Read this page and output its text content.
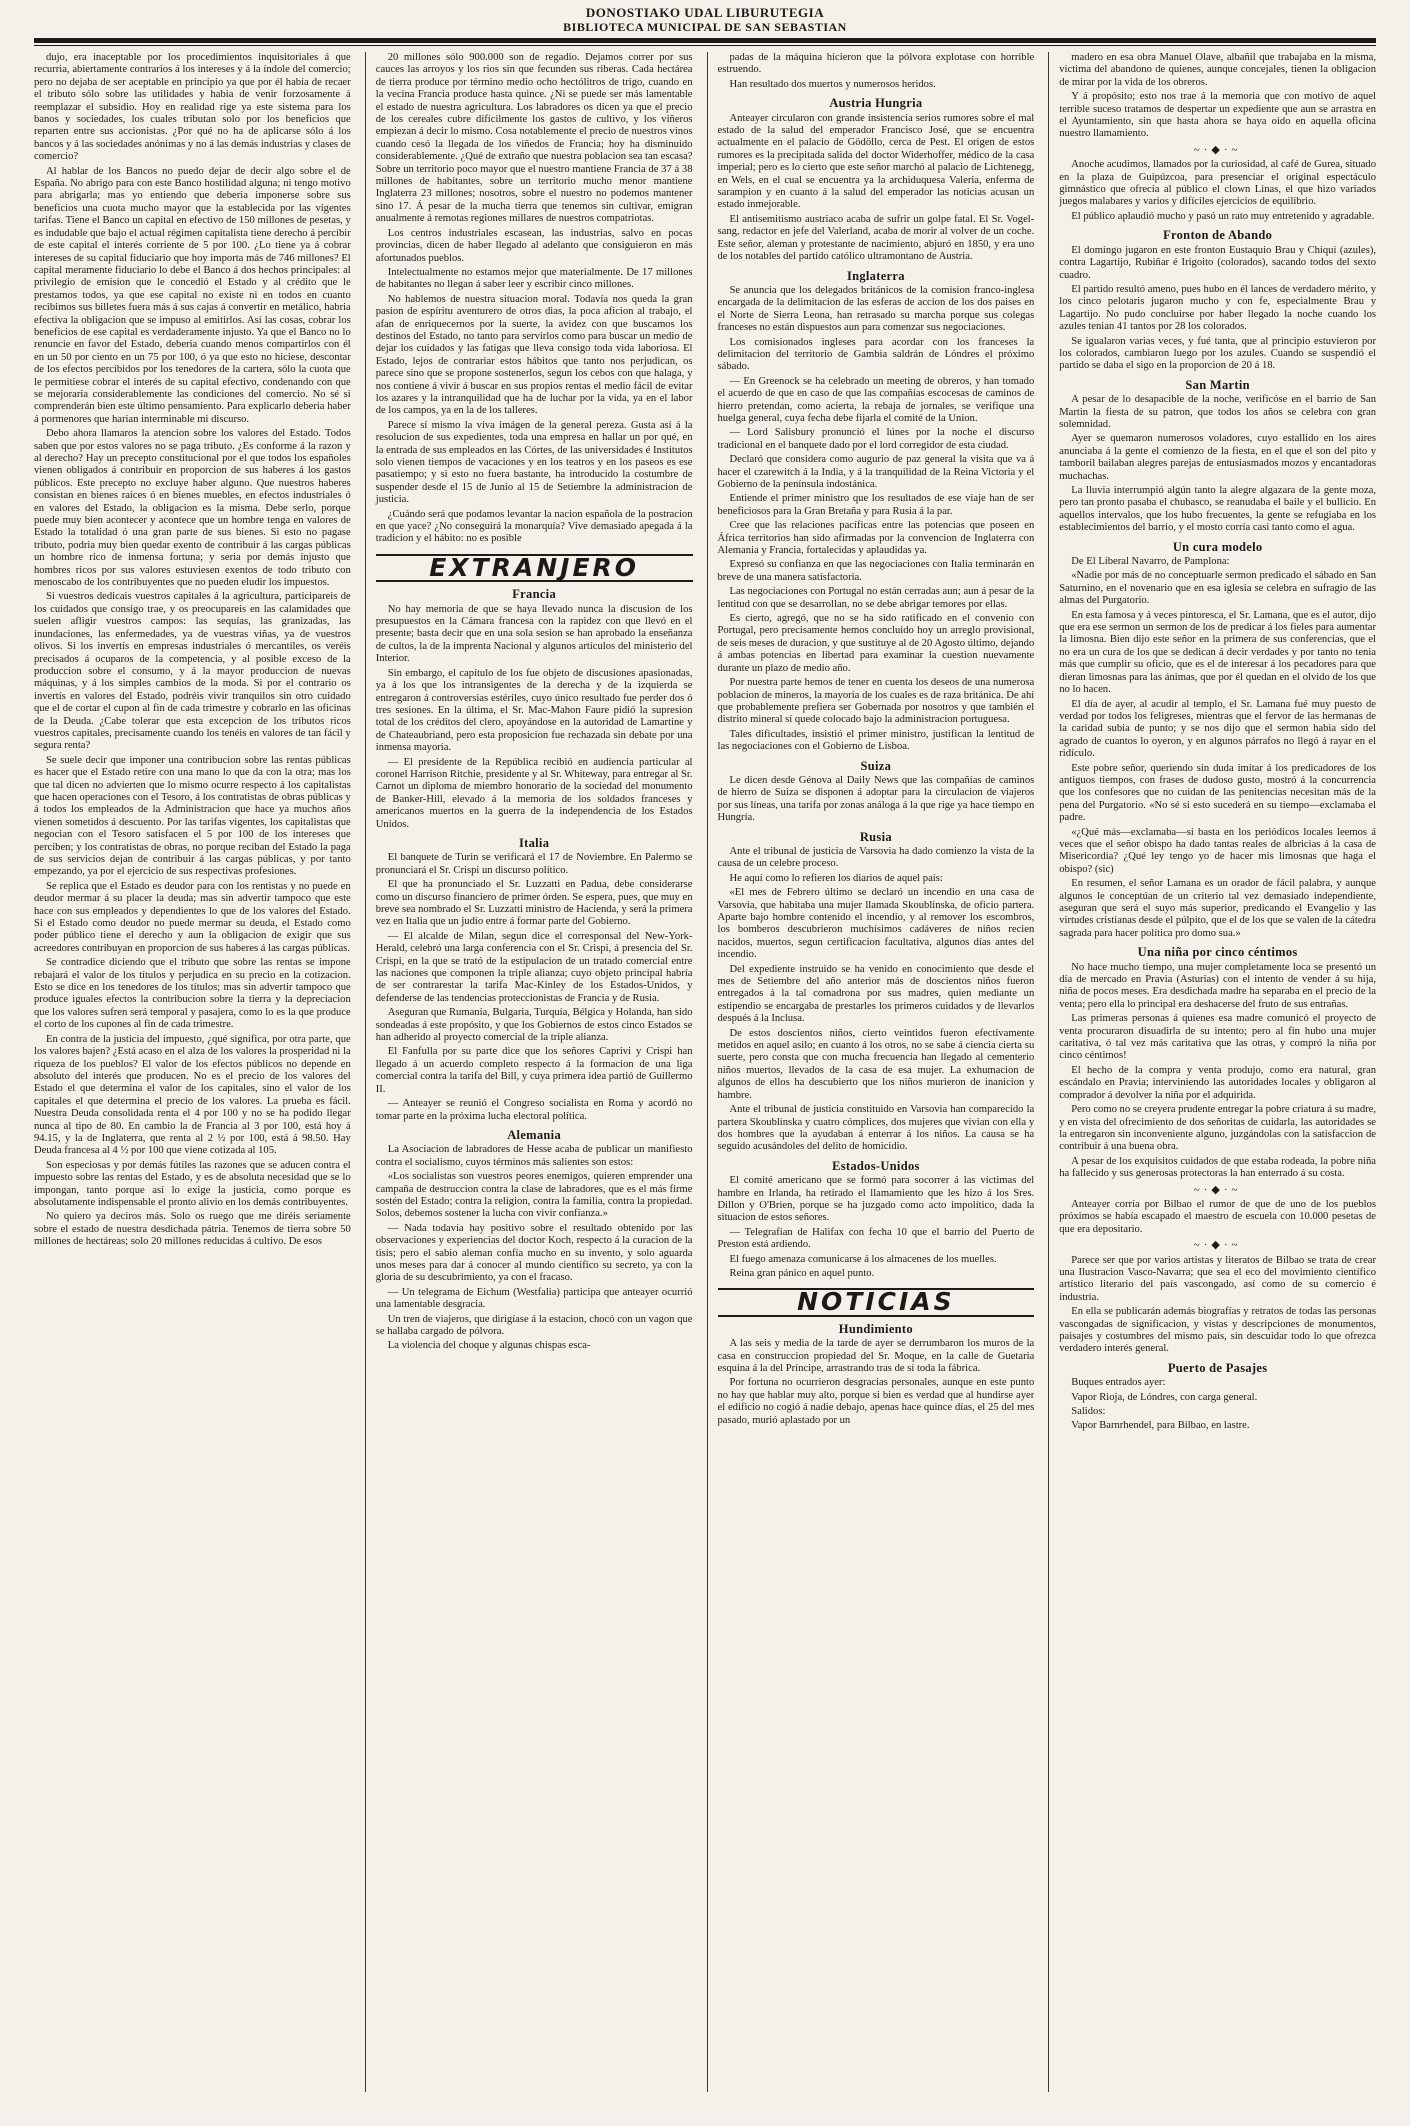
DONOSTIAKO UDAL LIBURUTEGIA
BIBLIOTECA MUNICIPAL DE SAN SEBASTIAN

dujo, era inaceptable por los procedimientos inquisitoriales á que recurria, abiertamente contrarios á los intereses y á la índole del comercio; pero no dejaba de ser aceptable en principio ya que por él habia de recaer el tributo sólo sobre las utilidades y habia de venir forzosamente á reemplazar el subsidio. Hoy en realidad rige ya este sistema para los banos y sociedades, los cuales tributan solo por los beneficios que reparten entre sus accionistas. ¿Por qué no ha de aplicarse sólo á los bancos y á las sociedades anónimas y no á las demás industrias y clases de comercio?

Al hablar de los Bancos no puedo dejar de decir algo sobre el de España. No abrigo para con este Banco hostilidad alguna; ni tengo motivo para abrigarla; mas yo entiendo que deberia imponerse sobre sus beneficios una cuota mucho mayor que la establecida por las vigentes tarifas. Tiene el Banco un capital en efectivo de 150 millones de pesetas, y es indudable que bajo el actual régimen capitalista tiene derecho á percibir de este capital el interés corriente de 5 por 100. ¿Lo tiene ya á cobrar intereses de su capital fiduciario que hoy importa más de 746 millones? El capital meramente fiduciario lo debe el Banco á dos hechos principales: al privilegio de emision que le concedió el Estado y al crédito que le prestamos todos, ya que ese capital no existe ni en todos en cuanto recibimos sus billetes fuera más á sus cajas á convertir en metálico, habria efectiva la obligacion que se impuso al emitirlos. Así las cosas, cobrar los beneficios de ese capital es verdaderamente injusto. Ya que el Banco no lo renuncie en favor del Estado, deberia cuando menos compartirlos con él en un 50 por ciento en un 75 por 100, ó ya que esto no hiciese, descontar de los efectos percibidos por los tenedores de la cartera, sólo la cuota que le permitiese cobrar el interés de su capital efectivo, condenando con que se mejoraria considerablemente las condiciones del comercio. No sé si comprenderán bien este último pensamiento. Para explicarlo deberia haber á pormenores que harian interminable mi discurso.

Debo ahora llamaros la atencion sobre los valores del Estado. Todos saben que por estos valores no se paga tributo. ¿Es conforme á la razon y al derecho? Hay un precepto constitucional por el que todos los españoles vienen obligados á contribuir en proporcion de sus haberes á los gastos públicos. Este precepto no excluye haber alguno. Que nuestros haberes consistan en bienes raíces ó en bienes muebles, en efectos industriales ó en valores del Estado, la obligacion es la misma. Debe serlo, porque puede muy bien acontecer y acontece que un hombre tenga en valores de Estado la totalidad ó una gran parte de sus bienes. Si esto no pagase tributo, podria muy bien quedar exento de contribuir á las cargas públicas un hombre rico de inmensa fortuna; y seria por demás injusto que hombres ricos por sus valores estuviesen exentos de todo tributo con menoscabo de los contribuyentes que no pueden eludir los impuestos.

Si vuestros dedicais vuestros capitales á la agricultura, participareis de los cuidados que consigo trae, y os preocupareis en las calamidades que suelen afligir vuestros campos: las sequías, las granizadas, las inundaciones, las enfermedades, ya de vuestras viñas, ya de vuestros olivos. Si los invertís en empresas industriales ó mercantiles, os veréis precisados á ocuparos de la competencia, y al posible exceso de la produccion sobre el consumo, y á la mayor produccion de nuevas máquinas, y á los simples cambios de la moda. Si por el contrario os invertís en valores del Estado, podréis vivir tranquilos sin otro cuidado que el de cortar el cupon al fin de cada trimestre y cobrarlo en las oficinas de la Deuda. ¿Cabe tolerar que esta excepcion de los tributos ricos vuestros capitales, precisamente cuando los tenéis en valores de tan fácil y segura renta?

Se suele decir que imponer una contribucion sobre las rentas públicas es hacer que el Estado retire con una mano lo que da con la otra; mas los que tal dicen no advierten que lo mismo ocurre respecto á los capitalistas que hacen operaciones con el Tesoro, á los contratistas de obras públicas y á todos los empleados de la Administracion que hace ya muchos años vienen sometidos á descuento. Por las tarifas vigentes, los capitalistas que negocian con el Tesoro satisfacen el 5 por 100 de los intereses que perciben; y los contratistas de obras, no porque reciban del Estado la paga de sus servicios dejan de contribuir á las cargas públicas, y por tanto empezando, ya por el ejercicio de sus respectivas profesiones.

Se replica que el Estado es deudor para con los rentistas y no puede en deudor mermar á su placer la deuda; mas sin advertir tampoco que este hace con sus empleados y dependientes lo que de los valores del Estado. Si el Estado como deudor no puede mermar su deuda, el Estado como poder público tiene el derecho y aun la obligacion de exigir que sus acreedores contribuyan en proporcion de sus haberes á las cargas públicas.

Se contradice diciendo que el tributo que sobre las rentas se impone rebajará el valor de los títulos y perjudica en su precio en la cotizacion. Esto se dice en los tenedores de los títulos; mas sin advertir tampoco que produce iguales efectos la contribucion sobre la tierra y la depreciacion que los valores sufren será temporal y pasajera, como lo es la que produce el corto de los cupones al fin de cada trimestre.

En contra de la justicia del impuesto, ¿qué significa, por otra parte, que los valores bajen? ¿Está acaso en el alza de los valores la prosperidad ni la riqueza de los pueblos? El valor de los efectos públicos no depende en absoluto del interés que producen. No es el precio de los valores del Estado el que determina el valor de los capitales, sino el valor de los capitales el que determina el precio de los valores. La prueba es fácil. Nuestra Deuda consolidada renta el 4 por 100 y no se ha podido llegar nunca al tipo de 80. En cambio la de Francia al 3 por 100, está hoy á 94.15, y la de Inglaterra, que renta al 2 ½ por 100, está á 98.50. Hay Deuda francesa al 4 ½ por 100 que viene cotizada al 105.

Son especiosas y por demás fútiles las razones que se aducen contra el impuesto sobre las rentas del Estado, y es de absoluta necesidad que se lo impongan, tanto porque así lo exige la justicia, como porque es absolutamente indispensable el pronto alivio en los demás contribuyentes.

No quiero ya deciros más. Solo os ruego que me diréis seriamente sobre el estado de nuestra desdichada pátria. Tenemos de tierra sobre 50 millones de hectáreas; solo 20 millones reducidas á cultivo. De esos

20 millones sólo 900.000 son de regadío. Dejamos correr por sus cauces las arroyos y los rios sin que fecunden sus riberas. Cada hectárea de tierra produce por término medio ocho hectólitros de trigo, cuando en la vecina Francia produce hasta quince. ¿Ni se puede ser más lamentable el estado de nuestra agricultura. Los labradores os dicen ya que el precio de los cereales cubre difícilmente los gastos de cultivo, y los viñeros empiezan á decir lo mismo. Cosa notablemente el precio de nuestros vinos cuando cesó la llegada de los viñedos de Francia; hoy ha disminuido considerablemente. ¿Qué de extraño que nuestra poblacion sea tan escasa? Sobre un territorio poco mayor que el nuestro mantiene Francia de 37 á 38 millones de habitantes, sobre un territorio mucho menor mantiene Inglaterra 23 millones; nosotros, sobre el nuestro no podemos mantener sino 17. Á pesar de la mucha tierra que tenemos sin cultivar, emigran anualmente á remotas regiones millares de nuestros compatriotas.

Los centros industriales escasean, las industrias, salvo en pocas provincias, dicen de haber llegado al adelanto que consiguieron en más afortunados pueblos.

Intelectualmente no estamos mejor que materialmente. De 17 millones de habitantes no llegan á saber leer y escribir cinco millones.

No hablemos de nuestra situacion moral. Todavía nos queda la gran pasion de espíritu aventurero de otros dias, la poca aficion al trabajo, el afan de enriquecernos por la suerte, la avidez con que buscamos los destinos del Estado, no tanto para servirlos como para buscar un medio de dejar los cuidados y las fatigas que lleva consigo toda vida laboriosa. El Estado, lejos de contrariar estos hábitos que tanto nos perjudican, os parece sino que se propone sostenerlos, segun los cebos con que halaga, y nos contiene á vivir á buscar en sus propios rentas el medio fácil de evitar los azares y la intranquilidad que ha de luchar por la vida, ya en el labor de los campos, ya en la de los talleres.

Parece sí mismo la viva imágen de la general pereza. Gusta así á la resolucion de sus expedientes, toda una empresa en hallar un por qué, en la entrada de sus empleados en las Córtes, de las universidades é Institutos solo vienen tiempos de vacaciones y en los teatros y en los paseos es ese pasatiempo; y si esto no fuera bastante, ha introducido la costumbre de suspender desde el 15 de Junio al 15 de Setiembre la administracion de justicia.

¿Cuándo será que podamos levantar la nacion española de la postracion en que yace? ¿No conseguirá la monarquía? Vive demasiado apegada á la tradicion y el hábito: no es posible

EXTRANJERO
Francia

No hay memoria de que se haya llevado nunca la discusion de los presupuestos en la Cámara francesa con la rapidez con que llevó en el presente; basta decir que en una sola sesion se han aprobado la enseñanza de cultos, la de la imprenta Nacional y algunos artículos del ministerio del Interior.

Sin embargo, el capítulo de los fue objeto de discusiones apasionadas, ya á los que los intransigentes de la derecha y de la izquierda se entregaron á controversias estériles, cuyo único resultado fue perder dos ó tres sesiones. En la última, el Sr. Mac-Mahon Faure pidió la supresion total de los créditos del clero, apoyándose en la autoridad de Lamartine y de Chateaubriand, pero esta proposicion fue rechazada sin debate por una inmensa mayoría.

— El presidente de la República recibió en audiencia particular al coronel Harrison Ritchie, presidente y al Sr. Whiteway, para entregar al Sr. Carnot un diploma de miembro honorario de la sociedad del monumento de Banker-Hill, elevado á la memoria de los soldados franceses y americanos muertos en la guerra de la independencia de los Estados Unidos.

Italia

El banquete de Turin se verificará el 17 de Noviembre. En Palermo se pronunciará el Sr. Crispi un discurso político.

El que ha pronunciado el Sr. Luzzatti en Padua, debe considerarse como un discurso financiero de primer órden. Se espera, pues, que muy en breve sea nombrado el Sr. Luzzatti ministro de Hacienda, y será la primera vez en Italia que un judío entre á formar parte del Gobierno.

— El alcalde de Milan, segun dice el corresponsal del New-York-Herald, celebró una larga conferencia con el Sr. Crispi, á presencia del Sr. Crispi, en la que se trató de la estipulacion de un tratado comercial entre las naciones que componen la triple alianza; cuyo objeto principal habría de ser contrarestar la tarifa Mac-Kinley de los Estados-Unidos, y defenderse de las tendencias proteccionistas de Francia y de Rusia.

Aseguran que Rumanía, Bulgaria, Turquía, Bélgica y Holanda, han sido sondeadas á este propósito, y que los Gobiernos de estos cinco Estados se han adherido al proyecto comercial de la triple alianza.

El Fanfulla por su parte dice que los señores Caprivi y Crispi han llegado á un acuerdo completo respecto á la formacion de una liga comercial contra la tarifa del Bill, y cuya primera idea partió de Guillermo II.

— Anteayer se reunió el Congreso socialista en Roma y acordó no tomar parte en la próxima lucha electoral política.

Alemania

La Asociacion de labradores de Hesse acaba de publicar un manifiesto contra el socialismo, cuyos términos más salientes son estos:

«Los socialistas son vuestros peores enemigos, quieren emprender una campaña de destruccion contra la clase de labradores, que es el más firme sostén del Estado; contra la religion, contra la familia, contra la propiedad. Solos, debemos sostener la lucha con vivir confianza.»

— Nada todavía hay positivo sobre el resultado obtenido por las observaciones y experiencias del doctor Koch, respecto á la curacion de la tisis; pero el sabio aleman confía mucho en su invento, y solo aguarda unos meses para dar á conocer al mundo científico su secreto, ya con la gloria de su descubrimiento, ya con el fracaso.

— Un telegrama de Eichum (Westfalia) participa que anteayer ocurrió una lamentable desgracia.

Un tren de viajeros, que dirigíase á la estacion, chocó con un vagon que se hallaba cargado de pólvora.

La violencia del choque y algunas chispas esca-

padas de la máquina hicieron que la pólvora explotase con horrible estruendo.

Han resultado dos muertos y numerosos heridos.

Austria Hungria

Anteayer circularon con grande insistencia serios rumores sobre el mal estado de la salud del emperador Francisco José, que se encuentra actualmente en el palacio de Gödöllo, cerca de Pest. El origen de estos rumores es la precipitada salida del doctor Widerhoffer, médico de la casa imperial; pero es lo cierto que este señor marchó al palacio de Lichtenegg, en Wels, en el cual se encuentra ya la archiduquesa Valeria, enferma de sarampion y en cuanto á la salud del emperador las noticias acusan un estado inmejorable.

El antisemitismo austriaco acaba de sufrir un golpe fatal. El Sr. Vogel-sang, redactor en jefe del Valerland, acaba de morir al volver de un coche. Este señor, aleman y protestante de nacimiento, abjuró en 1850, y era uno de los notables del partido católico ultramontano de Austria.

Inglaterra

Se anuncia que los delegados británicos de la comision franco-inglesa encargada de la delimitacion de las esferas de accion de los dos paises en el Norte de Sierra Leona, han retrasado su marcha porque sus colegas franceses no están dispuestos aun para comenzar sus negociaciones.

Los comisionados ingleses para acordar con los franceses la delimitacion del territorio de Gambia saldrán de Lóndres el próximo sábado.

— En Greenock se ha celebrado un meeting de obreros, y han tomado el acuerdo de que en caso de que las compañías escocesas de caminos de hierro pretendan, como acierta, la rebaja de jornales, se verifique una huelga general, cuya fecha debe fijarla el comité de la Union.

— Lord Salisbury pronunció el lúnes por la noche el discurso tradicional en el banquete dado por el lord corregidor de esta ciudad.

Declaró que considera como augurio de paz general la visita que va á hacer el czarewitch á la India, y á la tranquilidad de la Reina Victoria y el Gobierno de la península indostánica.

Entiende el primer ministro que los resultados de ese viaje han de ser beneficiosos para la Gran Bretaña y para Rusia á la par.

Cree que las relaciones pacíficas entre las potencias que poseen en África territorios han sido afirmadas por la convencion de Inglaterra con Alemania y Francia, fortalecidas y aplaudidas ya.

Expresó su confianza en que las negociaciones con Italia terminarán en breve de una manera satisfactoria.

Las negociaciones con Portugal no están cerradas aun; aun á pesar de la lentitud con que se desarrollan, no se debe abrigar temores por ellas.

Es cierto, agregó, que no se ha sido ratificado en el convenio con Portugal, pero precisamente hemos concluido hoy un arreglo provisional, de seis meses de duracion, y que sustituye al de 20 Agosto último, dejando á ambas potencias en libertad para examinar la cuestion nuevamente durante un plazo de medio año.

Por nuestra parte hemos de tener en cuenta los deseos de una numerosa poblacion de mineros, la mayoría de los cuales es de raza británica. De ahí que probablemente prefiera ser Gobernada por nosotros y que también el distrito mineral sí quede colocado bajo la administracion portuguesa.

Tales dificultades, insistió el primer ministro, justifican la lentitud de las negociaciones con el Gobierno de Lisboa.

Suiza

Le dicen desde Génova al Daily News que las compañías de caminos de hierro de Suiza se disponen á adoptar para la circulacion de viajeros por sus líneas, una tarifa por zonas análoga á la que rige ya hace tiempo en Hungría.

Rusia

Ante el tribunal de justicia de Varsovia ha dado comienzo la vista de la causa de un celebre proceso.

He aquí como lo refieren los diarios de aquel país:

«El mes de Febrero último se declaró un incendio en una casa de Varsovia, que habitaba una mujer llamada Skoublinska, de oficio partera. Aparte bajo hombre contenido el incendio, y al remover los escombros, los bomberos descubrieron muchísimos cadáveres de niños recien nacidos, muertos, segun certificacion facultativa, algunos días antes del incendio.

Del expediente instruido se ha venido en conocimiento que desde el mes de Setiembre del año anterior más de doscientos niños fueron entregados á la tal comadrona por sus madres, quien mediante un estipendio se encargaba de prestarles los primeros cuidados y de llevarlos después á la Inclusa.

De estos doscientos niños, cierto veintidos fueron efectivamente metidos en aquel asilo; en cuanto á los otros, no se sabe á ciencia cierta su suerte, pero consta que con mucha frecuencia han llegado al cementerio niños muertos, llevados de la casa de esa mujer. La exhumacion de algunos de ellos ha descubierto que los niños murieron de inanicion y hambre.

Ante el tribunal de justicia constituido en Varsovia han comparecido la partera Skoublinska y cuatro cómplices, dos mujeres que vivian con ella y dos hombres que la ayudaban á enterrar á los niños. La causa se ha seguido acusándoles del delito de homicidio.

Estados-Unidos

El comité americano que se formó para socorrer á las víctimas del hambre en Irlanda, ha retirado el llamamiento que les hizo á los Sres. Dillon y O'Brien, porque se ha juzgado como acto impolítico, dada la situacion de estos señores.

— Telegrafían de Halifax con fecha 10 que el barrio del Puerto de Preston está ardiendo.

El fuego amenaza comunicarse á los almacenes de los muelles.

Reina gran pánico en aquel punto.

NOTICIAS
Hundimiento

A las seis y media de la tarde de ayer se derrumbaron los muros de la casa en construccion propiedad del Sr. Moque, en la calle de Guetaria esquina á la del Príncipe, arrastrando tras de sí toda la fábrica.

Por fortuna no ocurrieron desgracias personales, aunque en este punto no hay que hablar muy alto, porque si bien es verdad que al hundirse ayer el edificio no cogió á nadie debajo, apenas hace quince días, el 25 del mes pasado, murió aplastado por un

madero en esa obra Manuel Olave, albañil que trabajaba en la misma, víctima del abandono de quienes, aunque concejales, tienen la obligacion de mirar por la vida de los obreros.

Y á propósito; esto nos trae á la memoria que con motivo de aquel terrible suceso tratamos de despertar un expediente que aun se arrastra en el Ayuntamiento, sin que hasta ahora se haya oido en aquella oficina nuestro llamamiento.

~·◆·~

Anoche acudimos, llamados por la curiosidad, al café de Gurea, situado en la plaza de Guipúzcoa, para presenciar el original espectáculo gimnástico que ofrecía al público el clown Linas, el que hizo variados juegos malabares y varios y difíciles ejercicios de equilibrio.

El público aplaudió mucho y pasó un rato muy entretenido y agradable.

Fronton de Abando

El domingo jugaron en este fronton Eustaquio Brau y Chiqui (azules), contra Lagartijo, Rubiñar é Irigoito (colorados), sacando todos del sexto cuadro.

El partido resultó ameno, pues hubo en él lances de verdadero mérito, y los cinco pelotaris jugaron mucho y con fe, especialmente Brau y Lagartijo. No pudo concluirse por haber llegado la noche cuando los azules tenian 41 tantos por 28 los colorados.

Se igualaron varias veces, y fué tanta, que al principio estuvieron por los colorados, cambiaron luego por los azules. Cuando se suspendió el partido se daba el sigo en la proporcion de 20 á 18.

San Martin

A pesar de lo desapacible de la noche, verificóse en el barrio de San Martin la fiesta de su patron, que todos los años se celebra con gran solemnidad.

Ayer se quemaron numerosos voladores, cuyo estallido en los aires anunciaba á la gente el comienzo de la fiesta, en el que el son del pito y tamboril bailaban alegres parejas de entusiasmados mozos y encantadoras muchachas.

La lluvia interrumpió algún tanto la alegre algazara de la gente moza, pero tan pronto pasaba el chubasco, se reanudaba el baile y el bullicio. En aquellos intervalos, que los hubo frecuentes, la gente se refugiaba en los establecimientos del barrio, y el mosto corría casi tanto como el agua.

Un cura modelo

De El Liberal Navarro, de Pamplona:

«Nadie por más de no conceptuarle sermon predicado el sábado en San Saturnino, en el novenario que en esa iglesia se celebra en sufragio de las almas del Purgatorio.

En esta famosa y á veces pintoresca, el Sr. Lamana, que es el autor, dijo que era ese sermon un sermon de los de predicar á los fieles para aumentar la limosna. Bien dijo este señor en la primera de sus conferencias, que el no era un cura de los que se dedican á decir verdades y por tanto no tenia más que cumplir su oficio, que es el de interesar á los pecadores para que dieran limosnas para las ánimas, que por él quedan en el olvido de los que no lo hacen.

El día de ayer, al acudir al templo, el Sr. Lamana fué muy puesto de verdad por todos los feligreses, mientras que el fervor de las hermanas de la caridad subia de punto; y se nos dijo que el sermon habia sido del agrado de cuantos lo oyeron, y en algunos párrafos no llegó á rayar en el ridículo.

Este pobre señor, queriendo sin duda imitar á los predicadores de los antiguos tiempos, con frases de dudoso gusto, mostró á la concurrencia que los confesores que no cuidan de las penitencias necesitan más de la pena del Purgatorio. «No sé si esto sucederá en su tiempo—exclamaba el padre.

«¿Qué más—exclamaba—si basta en los periódicos locales leemos á veces que el señor obispo ha dado tantas reales de albricias á la casa de Misericordia? ¿Qué ley tengo yo de hacer mis limosnas que haga el obispo? (sic)

En resumen, el señor Lamana es un orador de fácil palabra, y aunque algunos le conceptúan de un criterio tal vez demasiado independiente, aseguran que será el suyo más superior, predicando el Evangelio y las virtudes cristianas desde el púlpito, que el de los que se valen de la cátedra sagrada para hacer política pro domo sua.»

Una niña por cinco céntimos

No hace mucho tiempo, una mujer completamente loca se presentó un día de mercado en Pravia (Asturias) con el intento de vender á su hija, niña de pocos meses. Era desdichada madre ha separaba en el precio de la venta; pero ella lo principal era deshacerse del fruto de sus entrañas.

Las primeras personas á quienes esa madre comunicó el proyecto de venta procuraron disuadirla de su intento; pero al fin hubo una mujer caritativa, ó tal vez más caritativa que las otras, y compró la niña por cinco céntimos!

El hecho de la compra y venta produjo, como era natural, gran escándalo en Pravia; interviniendo las autoridades locales y obligaron al comprador á devolver la niña por el adquirida.

Pero como no se creyera prudente entregar la pobre criatura á su madre, y en vista del ofrecimiento de dos señoritas de cuidarla, las autoridades se la entregaron sin inconveniente alguno, juzgándolas con la satisfaccion de contribuir á una buena obra.

A pesar de los exquisitos cuidados de que estaba rodeada, la pobre niña ha fallecido y sus generosas protectoras la han enterrado á su costa.

~·◆·~

Anteayer corría por Bilbao el rumor de que de uno de los pueblos próximos se había escapado el maestro de escuela con 10.000 pesetas de que era depositario.

~·◆·~

Parece ser que por varios artistas y literatos de Bilbao se trata de crear una Ilustracion Vasco-Navarra; que sea el eco del movimiento científico artístico literario del país vascongado, así como de su comercio é industria.

En ella se publicarán además biografías y retratos de todas las personas vascongadas de significacion, y vistas y descripciones de monumentos, paisajes y costumbres del mismo país, sin descuidar todo lo que ofrezca verdadero interés general.

Puerto de Pasajes

Buques entrados ayer:

Vapor Rioja, de Lóndres, con carga general.

Salidos:

Vapor Barnrhendel, para Bilbao, en lastre.
